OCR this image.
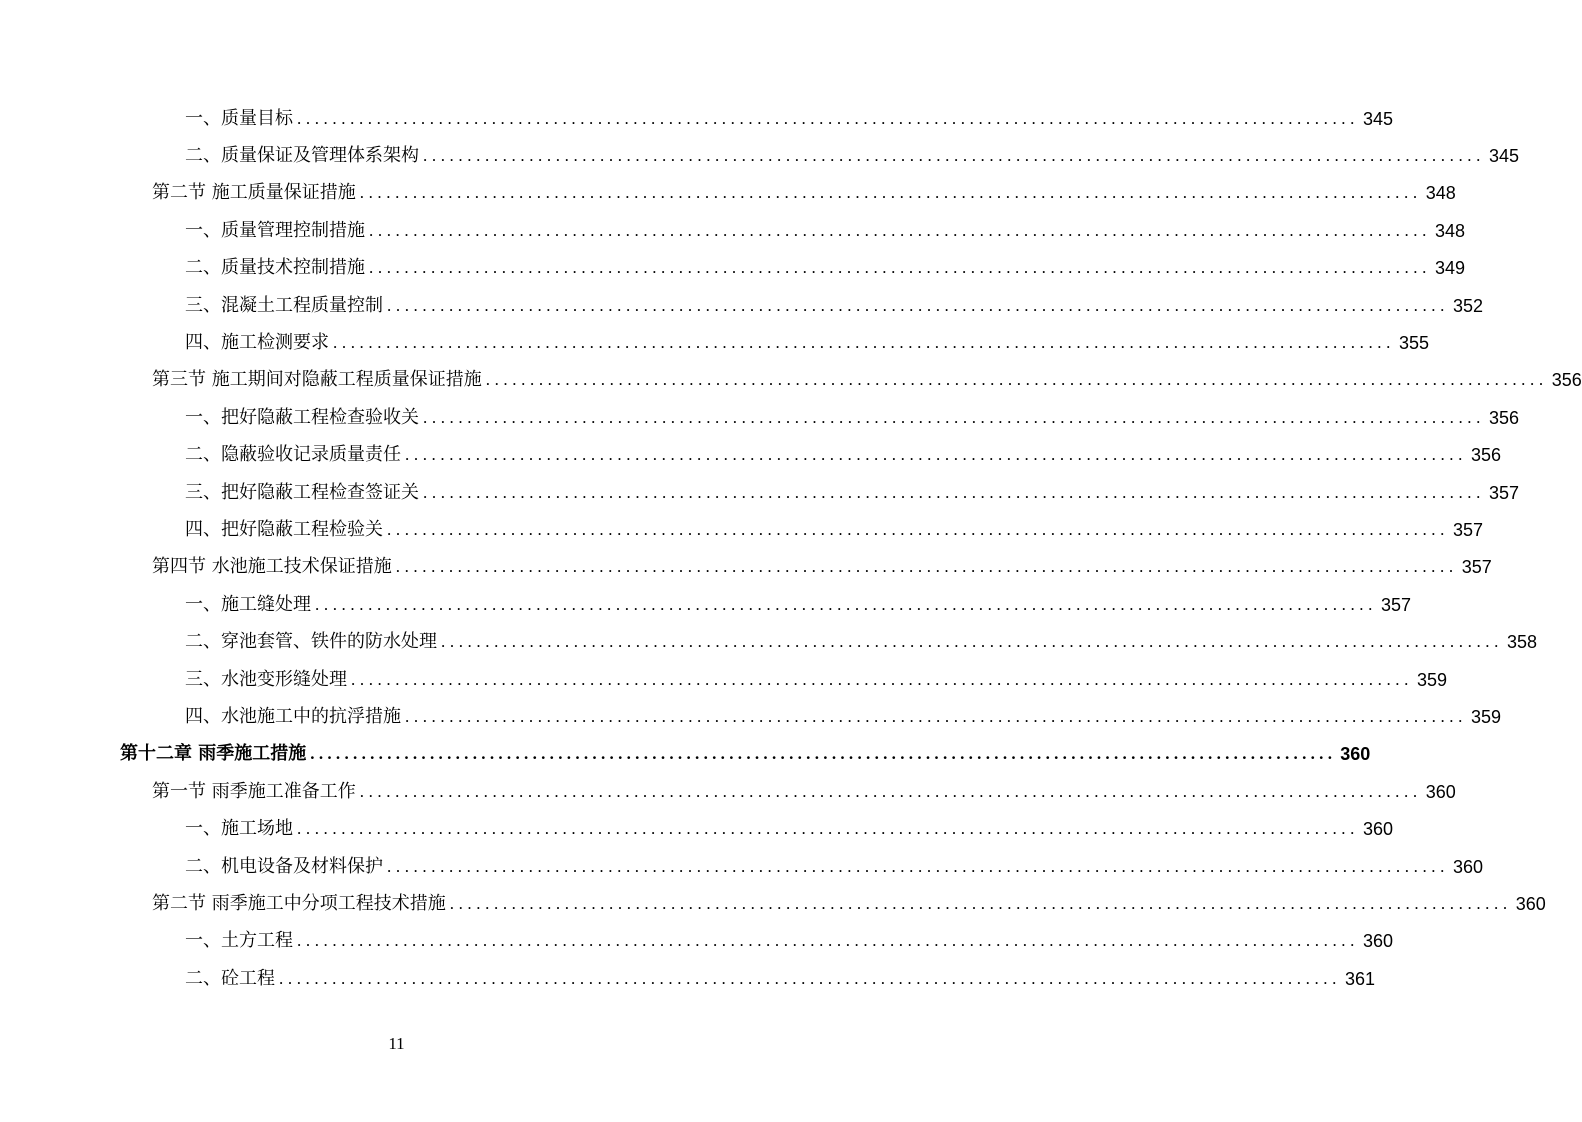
一、质量目标 ........................................................................................................................ 345
二、质量保证及管理体系架构 ........................................................................................................................ 345
第二节 施工质量保证措施 ........................................................................................................................ 348
一、质量管理控制措施 ........................................................................................................................ 348
二、质量技术控制措施 ........................................................................................................................ 349
三、混凝土工程质量控制 ........................................................................................................................ 352
四、施工检测要求 ........................................................................................................................ 355
第三节 施工期间对隐蔽工程质量保证措施 ........................................................................................................................ 356
一、把好隐蔽工程检查验收关 ........................................................................................................................ 356
二、隐蔽验收记录质量责任 ........................................................................................................................ 356
三、把好隐蔽工程检查签证关 ........................................................................................................................ 357
四、把好隐蔽工程检验关 ........................................................................................................................ 357
第四节 水池施工技术保证措施 ........................................................................................................................ 357
一、施工缝处理 ........................................................................................................................ 357
二、穿池套管、铁件的防水处理 ........................................................................................................................ 358
三、水池变形缝处理 ........................................................................................................................ 359
四、水池施工中的抗浮措施 ........................................................................................................................ 359
第十二章 雨季施工措施 ........................................................................................................................ 360
第一节 雨季施工准备工作 ........................................................................................................................ 360
一、施工场地 ........................................................................................................................ 360
二、机电设备及材料保护 ........................................................................................................................ 360
第二节 雨季施工中分项工程技术措施 ........................................................................................................................ 360
一、土方工程 ........................................................................................................................ 360
二、砼工程 ........................................................................................................................ 361
11
